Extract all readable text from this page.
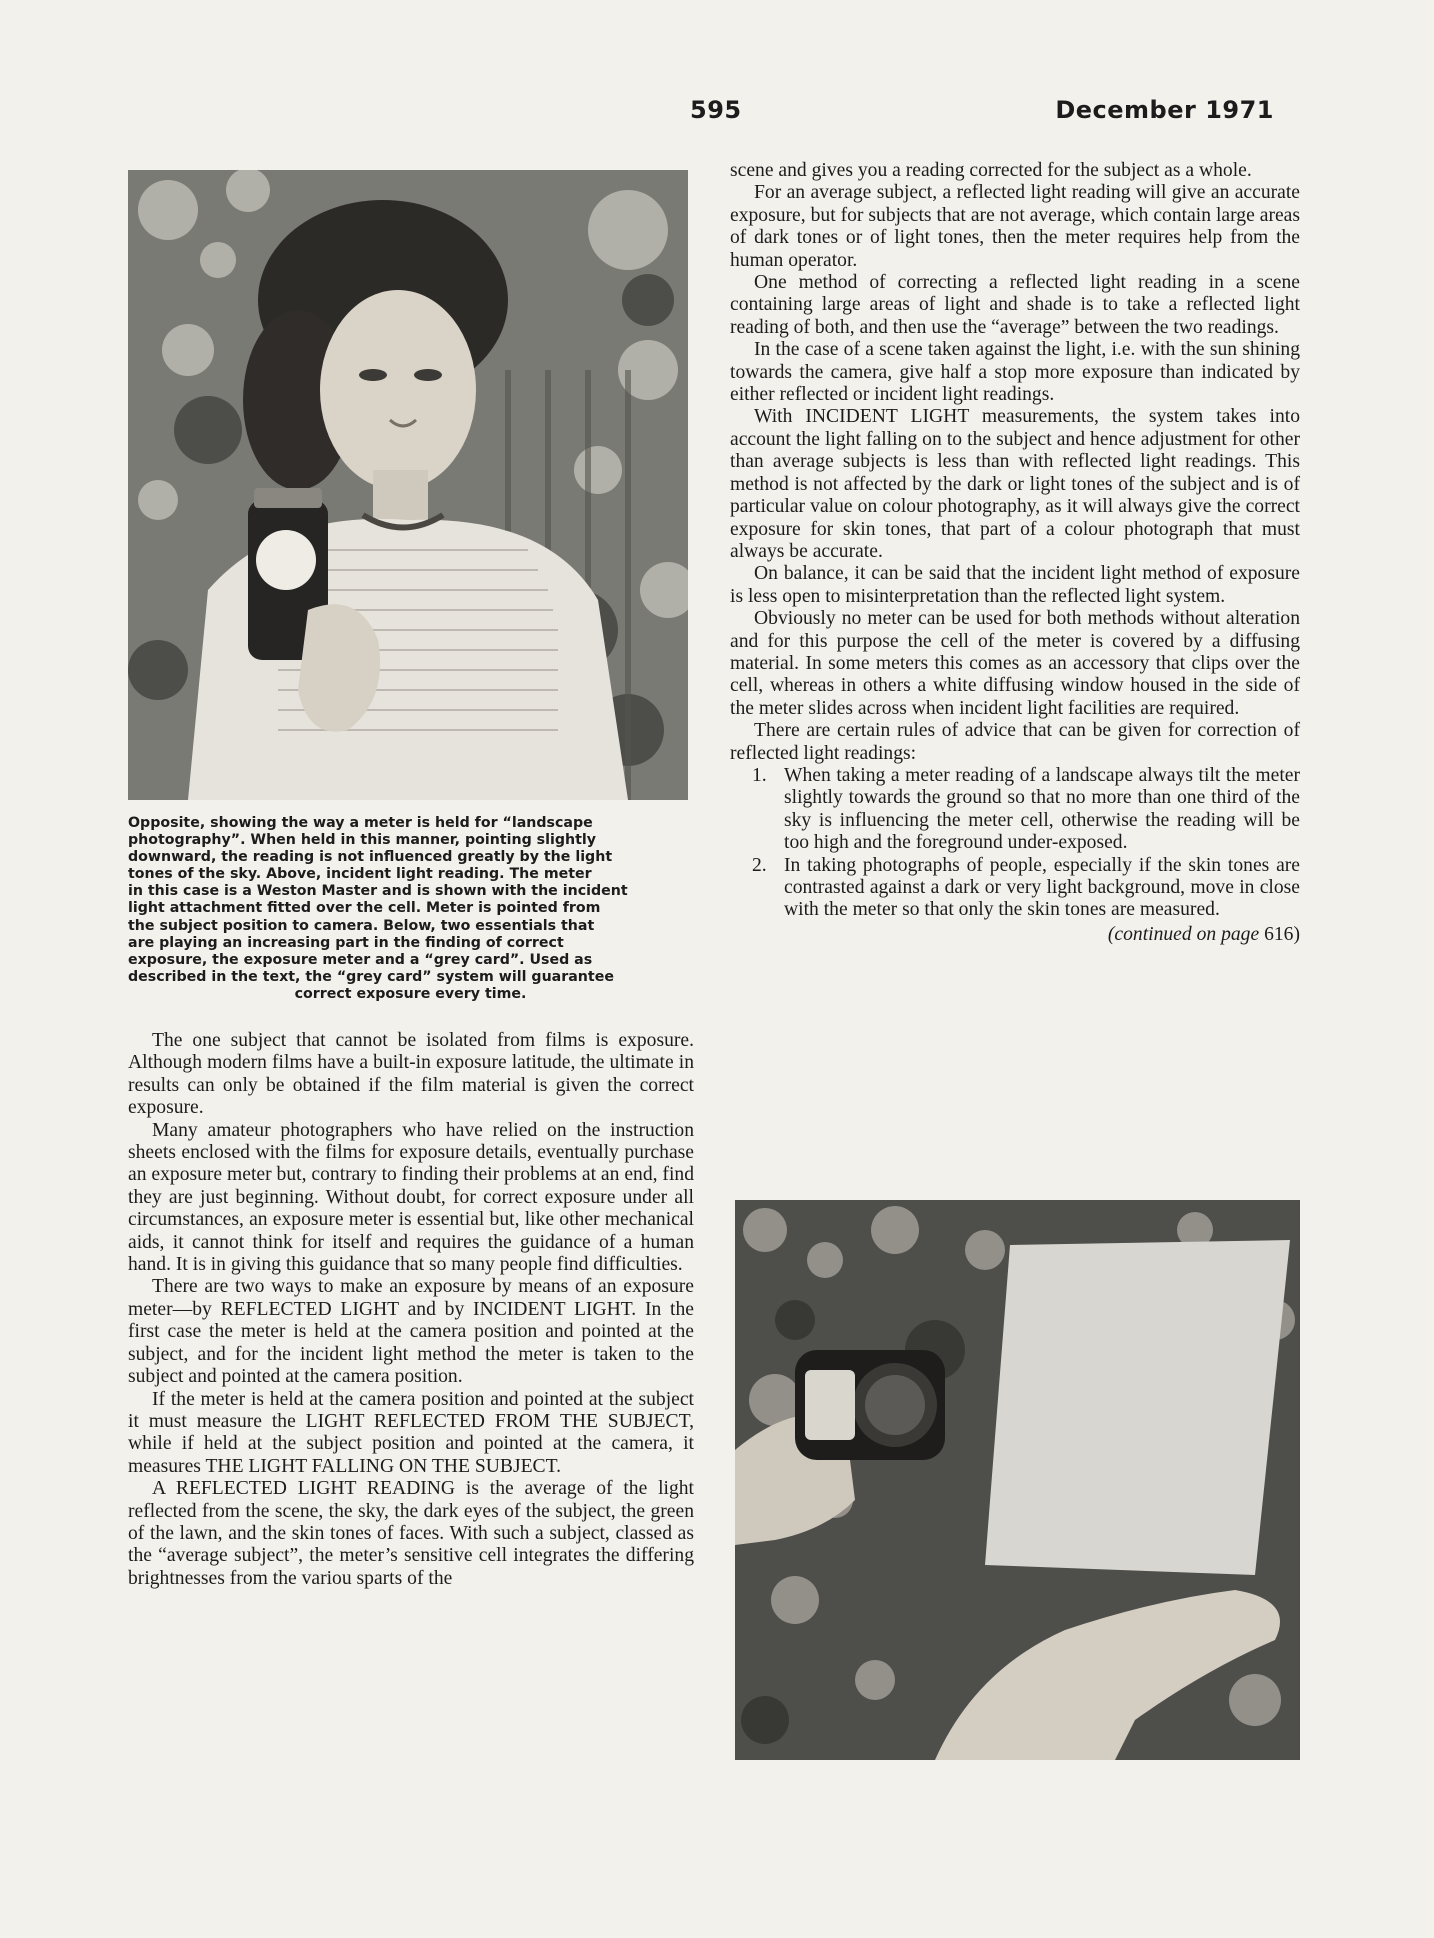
595	December 1971
Opposite, showing the way a meter is held for “landscape
photography”. When held in this manner, pointing slightly
downward, the reading is not influenced greatly by the light
tones of the sky. Above, incident light reading. The meter
in this case is a Weston Master and is shown with the incident
light attachment fitted over the cell. Meter is pointed from
the subject position to camera. Below, two essentials that
are playing an increasing part in the finding of correct
exposure, the exposure meter and a “grey card”. Used as
described in the text, the “grey card” system will guarantee
correct exposure every time.

The one subject that cannot be isolated from films is exposure. Although modern films have a built-in exposure latitude, the ultimate in results can only be obtained if the film material is given the correct exposure.

Many amateur photographers who have relied on the instruction sheets enclosed with the films for exposure details, eventually purchase an exposure meter but, contrary to finding their problems at an end, find they are just beginning. Without doubt, for correct exposure under all circumstances, an exposure meter is essential but, like other mechanical aids, it cannot think for itself and requires the guidance of a human hand. It is in giving this guidance that so many people find difficulties.

There are two ways to make an exposure by means of an exposure meter—by REFLECTED LIGHT and by INCIDENT LIGHT. In the first case the meter is held at the camera position and pointed at the subject, and for the incident light method the meter is taken to the subject and pointed at the camera position.

If the meter is held at the camera position and pointed at the subject it must measure the LIGHT REFLECTED FROM THE SUBJECT, while if held at the subject position and pointed at the camera, it measures THE LIGHT FALLING ON THE SUBJECT.

A REFLECTED LIGHT READING is the average of the light reflected from the scene, the sky, the dark eyes of the subject, the green of the lawn, and the skin tones of faces. With such a subject, classed as the “average subject”, the meter’s sensitive cell integrates the differing brightnesses from the variou sparts of the

scene and gives you a reading corrected for the subject as a whole.

For an average subject, a reflected light reading will give an accurate exposure, but for subjects that are not average, which contain large areas of dark tones or of light tones, then the meter requires help from the human operator.

One method of correcting a reflected light reading in a scene containing large areas of light and shade is to take a reflected light reading of both, and then use the “average” between the two readings.

In the case of a scene taken against the light, i.e. with the sun shining towards the camera, give half a stop more exposure than indicated by either reflected or incident light readings.

With INCIDENT LIGHT measurements, the system takes into account the light falling on to the subject and hence adjustment for other than average subjects is less than with reflected light readings. This method is not affected by the dark or light tones of the subject and is of particular value on colour photography, as it will always give the correct exposure for skin tones, that part of a colour photograph that must always be accurate.

On balance, it can be said that the incident light method of exposure is less open to misinterpretation than the reflected light system.

Obviously no meter can be used for both methods without alteration and for this purpose the cell of the meter is covered by a diffusing material. In some meters this comes as an accessory that clips over the cell, whereas in others a white diffusing window housed in the side of the meter slides across when incident light facilities are required.

There are certain rules of advice that can be given for correction of reflected light readings:

1. When taking a meter reading of a landscape always tilt the meter slightly towards the ground so that no more than one third of the sky is influencing the meter cell, otherwise the reading will be too high and the foreground under-exposed.
2. In taking photographs of people, especially if the skin tones are contrasted against a dark or very light background, move in close with the meter so that only the skin tones are measured.
(continued on page 616)
